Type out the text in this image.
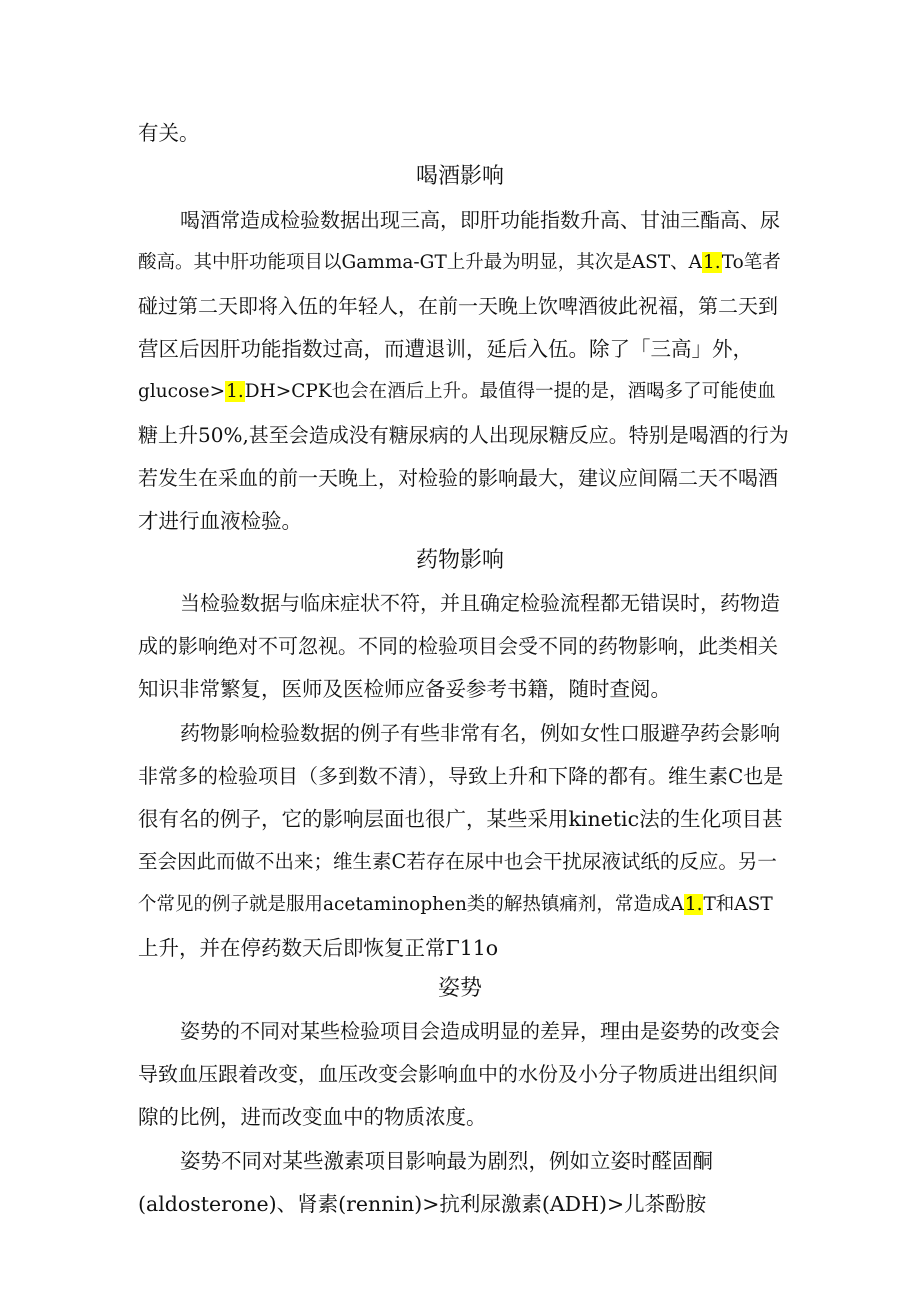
有关。
喝酒影响
喝酒常造成检验数据出现三高，即肝功能指数升高、甘油三酯高、尿
酸高。其中肝功能项目以Gamma-GT上升最为明显，其次是AST、A1.To笔者
碰过第二天即将入伍的年轻人，在前一天晚上饮啤酒彼此祝福，第二天到
营区后因肝功能指数过高，而遭退训，延后入伍。除了「三高」外，
glucose>1.DH>CPK也会在酒后上升。最值得一提的是，酒喝多了可能使血
糖上升50%,甚至会造成没有糖尿病的人出现尿糖反应。特别是喝酒的行为
若发生在采血的前一天晚上，对检验的影响最大，建议应间隔二天不喝酒
才进行血液检验。
药物影响
当检验数据与临床症状不符，并且确定检验流程都无错误时，药物造
成的影响绝对不可忽视。不同的检验项目会受不同的药物影响，此类相关
知识非常繁复，医师及医检师应备妥参考书籍，随时查阅。
药物影响检验数据的例子有些非常有名，例如女性口服避孕药会影响
非常多的检验项目（多到数不清），导致上升和下降的都有。维生素C也是
很有名的例子，它的影响层面也很广，某些采用kinetic法的生化项目甚
至会因此而做不出来；维生素C若存在尿中也会干扰尿液试纸的反应。另一
个常见的例子就是服用acetaminophen类的解热镇痛剂，常造成A1.T和AST
上升，并在停药数天后即恢复正常Γ11o
姿势
姿势的不同对某些检验项目会造成明显的差异，理由是姿势的改变会
导致血压跟着改变，血压改变会影响血中的水份及小分子物质进出组织间
隙的比例，进而改变血中的物质浓度。
姿势不同对某些激素项目影响最为剧烈，例如立姿时醛固酮
(aldosterone)、肾素(rennin)>抗利尿激素(ADH)>儿茶酚胺
